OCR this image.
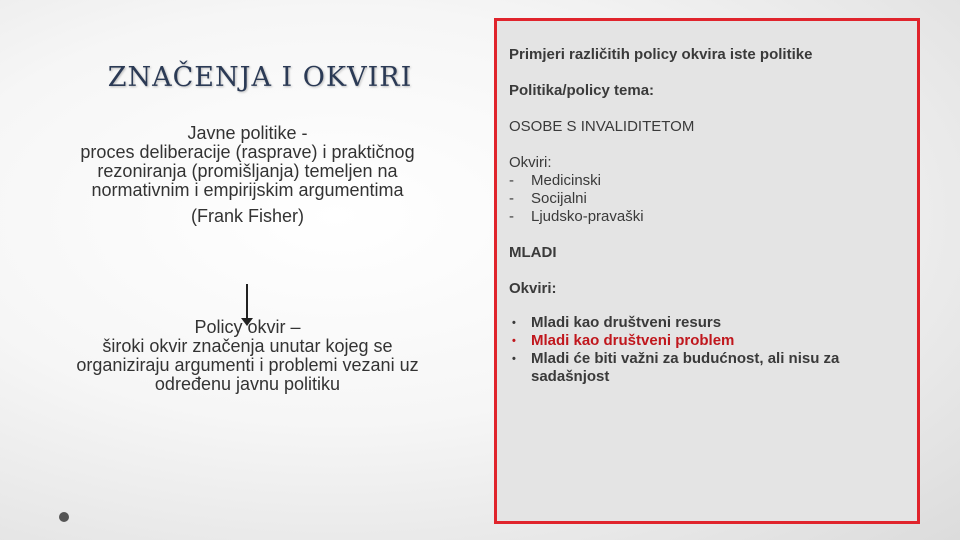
ZNAČENJA I OKVIRI
Javne politike -
proces deliberacije (rasprave) i praktičnog rezoniranja (promišljanja) temeljen na normativnim i empirijskim argumentima
(Frank Fisher)
Policy okvir –
široki okvir značenja unutar kojeg se organiziraju argumenti i problemi vezani uz određenu javnu politiku
Primjeri različitih policy okvira iste politike
Politika/policy tema:
OSOBE S INVALIDITETOM
Okviri:
-	Medicinski
-	Socijalni
-	Ljudsko-pravaški
MLADI
Okviri:
•	Mladi kao društveni resurs
•	Mladi kao društveni problem
•	Mladi će biti važni za budućnost, ali nisu za sadašnjost
